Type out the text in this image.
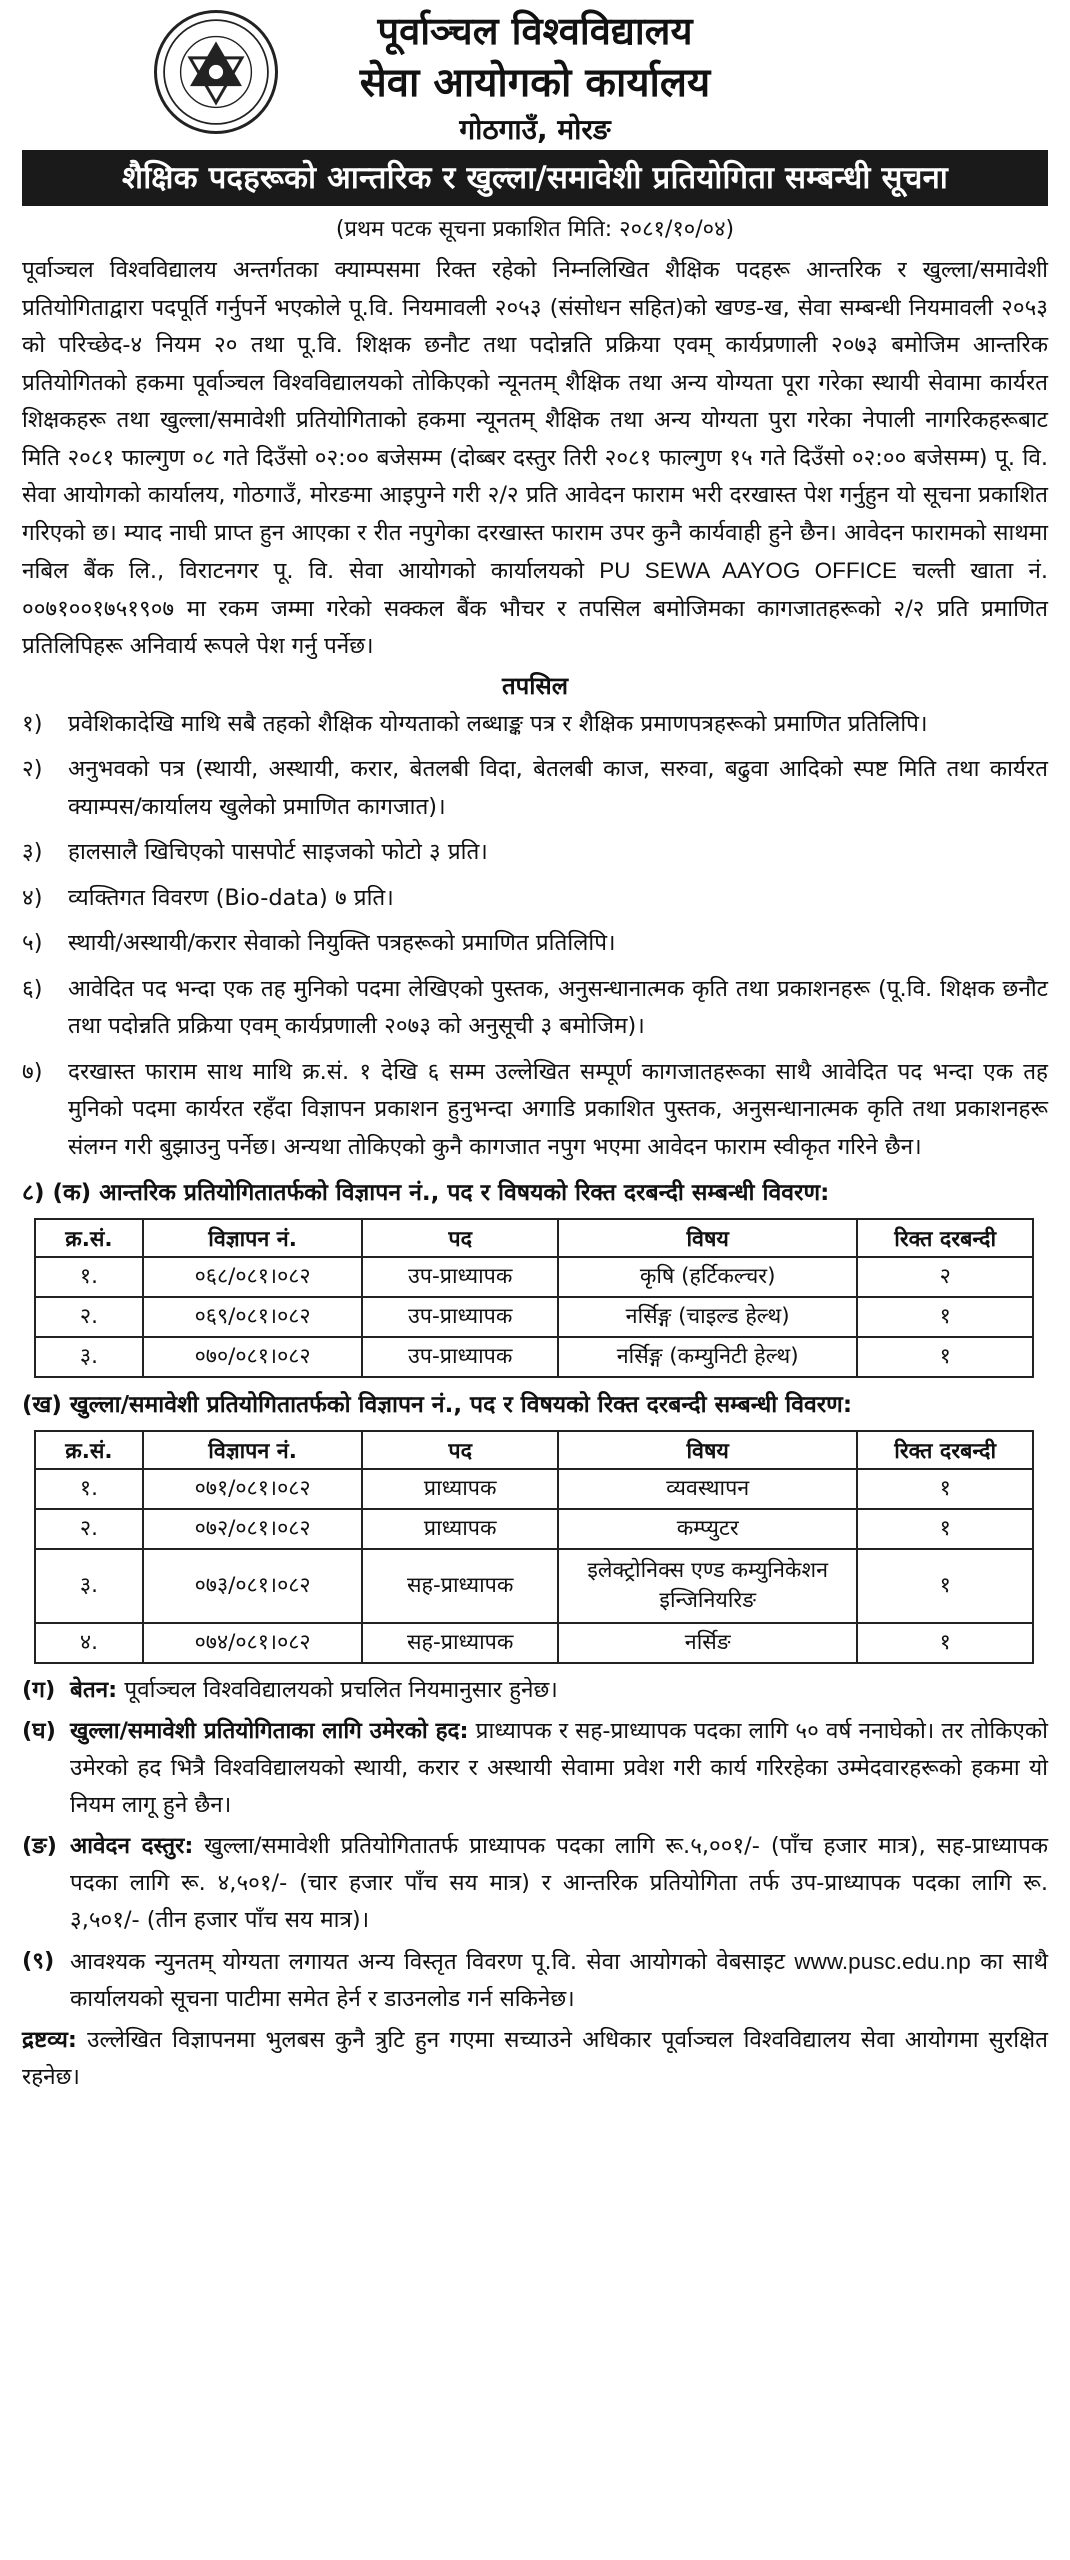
पूर्वाञ्चल विश्वविद्यालय
सेवा आयोगको कार्यालय
गोठगाउँ, मोरङ
शैक्षिक पदहरूको आन्तरिक र खुल्ला/समावेशी प्रतियोगिता सम्बन्धी सूचना
(प्रथम पटक सूचना प्रकाशित मिति: २०८१/१०/०४)

पूर्वाञ्चल विश्वविद्यालय अन्तर्गतका क्याम्पसमा रिक्त रहेको निम्नलिखित शैक्षिक पदहरू आन्तरिक र खुल्ला/समावेशी प्रतियोगिताद्वारा पदपूर्ति गर्नुपर्ने भएकोले पू.वि. नियमावली २०५३ (संसोधन सहित)को खण्ड-ख, सेवा सम्बन्धी नियमावली २०५३ को परिच्छेद-४ नियम २० तथा पू.वि. शिक्षक छनौट तथा पदोन्नति प्रक्रिया एवम् कार्यप्रणाली २०७३ बमोजिम आन्तरिक प्रतियोगितको हकमा पूर्वाञ्चल विश्वविद्यालयको तोकिएको न्यूनतम् शैक्षिक तथा अन्य योग्यता पूरा गरेका स्थायी सेवामा कार्यरत शिक्षकहरू तथा खुल्ला/समावेशी प्रतियोगिताको हकमा न्यूनतम् शैक्षिक तथा अन्य योग्यता पुरा गरेका नेपाली नागरिकहरूबाट मिति २०८१ फाल्गुण ०८ गते दिउँसो ०२:०० बजेसम्म (दोब्बर दस्तुर तिरी २०८१ फाल्गुण १५ गते दिउँसो ०२:०० बजेसम्म) पू. वि. सेवा आयोगको कार्यालय, गोठगाउँ, मोरङमा आइपुग्ने गरी २/२ प्रति आवेदन फाराम भरी दरखास्त पेश गर्नुहुन यो सूचना प्रकाशित गरिएको छ। म्याद नाघी प्राप्त हुन आएका र रीत नपुगेका दरखास्त फाराम उपर कुनै कार्यवाही हुने छैन। आवेदन फारामको साथमा नबिल बैंक लि., विराटनगर पू. वि. सेवा आयोगको कार्यालयको PU SEWA AAYOG OFFICE चल्ती खाता नं. ००७१००१७५१९०७ मा रकम जम्मा गरेको सक्कल बैंक भौचर र तपसिल बमोजिमका कागजातहरूको २/२ प्रति प्रमाणित प्रतिलिपिहरू अनिवार्य रूपले पेश गर्नु पर्नेछ।

तपसिल
१) प्रवेशिकादेखि माथि सबै तहको शैक्षिक योग्यताको लब्धाङ्क पत्र र शैक्षिक प्रमाणपत्रहरूको प्रमाणित प्रतिलिपि।
२) अनुभवको पत्र (स्थायी, अस्थायी, करार, बेतलबी विदा, बेतलबी काज, सरुवा, बढुवा आदिको स्पष्ट मिति तथा कार्यरत क्याम्पस/कार्यालय खुलेको प्रमाणित कागजात)।
३) हालसालै खिचिएको पासपोर्ट साइजको फोटो ३ प्रति।
४) व्यक्तिगत विवरण (Bio-data) ७ प्रति।
५) स्थायी/अस्थायी/करार सेवाको नियुक्ति पत्रहरूको प्रमाणित प्रतिलिपि।
६) आवेदित पद भन्दा एक तह मुनिको पदमा लेखिएको पुस्तक, अनुसन्धानात्मक कृति तथा प्रकाशनहरू (पू.वि. शिक्षक छनौट तथा पदोन्नति प्रक्रिया एवम् कार्यप्रणाली २०७३ को अनुसूची ३ बमोजिम)।
७) दरखास्त फाराम साथ माथि क्र.सं. १ देखि ६ सम्म उल्लेखित सम्पूर्ण कागजातहरूका साथै आवेदित पद भन्दा एक तह मुनिको पदमा कार्यरत रहँदा विज्ञापन प्रकाशन हुनुभन्दा अगाडि प्रकाशित पुस्तक, अनुसन्धानात्मक कृति तथा प्रकाशनहरू संलग्न गरी बुझाउनु पर्नेछ। अन्यथा तोकिएको कुनै कागजात नपुग भएमा आवेदन फाराम स्वीकृत गरिने छैन।
८) (क) आन्तरिक प्रतियोगितातर्फको विज्ञापन नं., पद र विषयको रिक्त दरबन्दी सम्बन्धी विवरण:
क्र.सं.	विज्ञापन नं.	पद	विषय	रिक्त दरबन्दी
१.	०६८/०८१।०८२	उप-प्राध्यापक	कृषि (हर्टिकल्चर)	२
२.	०६९/०८१।०८२	उप-प्राध्यापक	नर्सिङ्ग (चाइल्ड हेल्थ)	१
३.	०७०/०८१।०८२	उप-प्राध्यापक	नर्सिङ्ग (कम्युनिटी हेल्थ)	१
(ख) खुल्ला/समावेशी प्रतियोगितातर्फको विज्ञापन नं., पद र विषयको रिक्त दरबन्दी सम्बन्धी विवरण:
क्र.सं.	विज्ञापन नं.	पद	विषय	रिक्त दरबन्दी
१.	०७१/०८१।०८२	प्राध्यापक	व्यवस्थापन	१
२.	०७२/०८१।०८२	प्राध्यापक	कम्प्युटर	१
३.	०७३/०८१।०८२	सह-प्राध्यापक	इलेक्ट्रोनिक्स एण्ड कम्युनिकेशन इन्जिनियरिङ	१
४.	०७४/०८१।०८२	सह-प्राध्यापक	नर्सिङ	१
(ग) बेतन: पूर्वाञ्चल विश्वविद्यालयको प्रचलित नियमानुसार हुनेछ।
(घ) खुल्ला/समावेशी प्रतियोगिताका लागि उमेरको हद: प्राध्यापक र सह-प्राध्यापक पदका लागि ५० वर्ष ननाघेको। तर तोकिएको उमेरको हद भित्रै विश्वविद्यालयको स्थायी, करार र अस्थायी सेवामा प्रवेश गरी कार्य गरिरहेका उम्मेदवारहरूको हकमा यो नियम लागू हुने छैन।
(ङ) आवेदन दस्तुर: खुल्ला/समावेशी प्रतियोगितातर्फ प्राध्यापक पदका लागि रू.५,००१/- (पाँच हजार मात्र), सह-प्राध्यापक पदका लागि रू. ४,५०१/- (चार हजार पाँच सय मात्र) र आन्तरिक प्रतियोगिता तर्फ उप-प्राध्यापक पदका लागि रू. ३,५०१/- (तीन हजार पाँच सय मात्र)।
(९) आवश्यक न्युनतम् योग्यता लगायत अन्य विस्तृत विवरण पू.वि. सेवा आयोगको वेबसाइट www.pusc.edu.np का साथै कार्यालयको सूचना पाटीमा समेत हेर्न र डाउनलोड गर्न सकिनेछ।
द्रष्टव्य: उल्लेखित विज्ञापनमा भुलबस कुनै त्रुटि हुन गएमा सच्याउने अधिकार पूर्वाञ्चल विश्वविद्यालय सेवा आयोगमा सुरक्षित रहनेछ।
